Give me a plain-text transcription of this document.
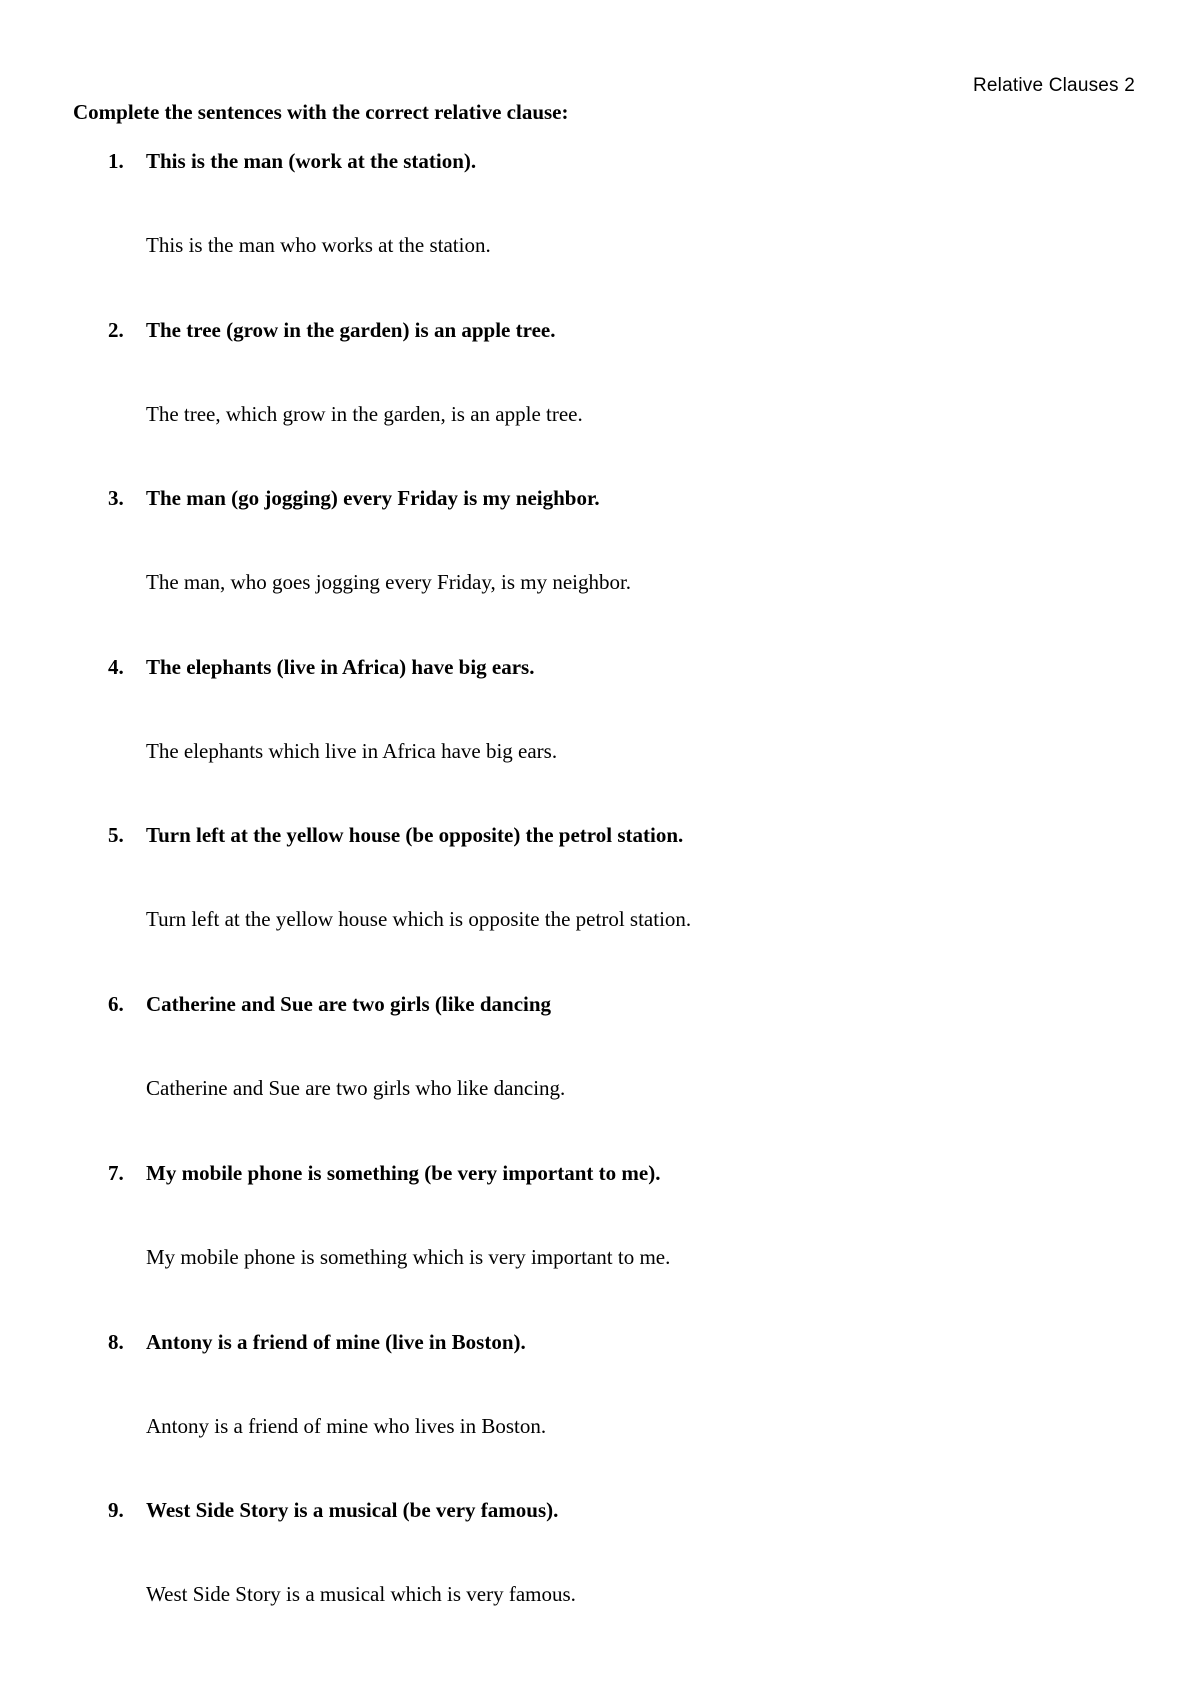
Relative Clauses 2
Complete the sentences with the correct relative clause:
1. This is the man (work at the station).
This is the man who works at the station.
2. The tree (grow in the garden) is an apple tree.
The tree, which grow in the garden, is an apple tree.
3. The man (go jogging) every Friday is my neighbor.
The man, who goes jogging every Friday, is my neighbor.
4. The elephants (live in Africa) have big ears.
The elephants which live in Africa have big ears.
5. Turn left at the yellow house (be opposite) the petrol station.
Turn left at the yellow house which is opposite the petrol station.
6. Catherine and Sue are two girls (like dancing
Catherine and Sue are two girls who like dancing.
7. My mobile phone is something (be very important to me).
My mobile phone is something which is very important to me.
8. Antony is a friend of mine (live in Boston).
Antony is a friend of mine who lives in Boston.
9. West Side Story is a musical (be very famous).
West Side Story is a musical which is very famous.
